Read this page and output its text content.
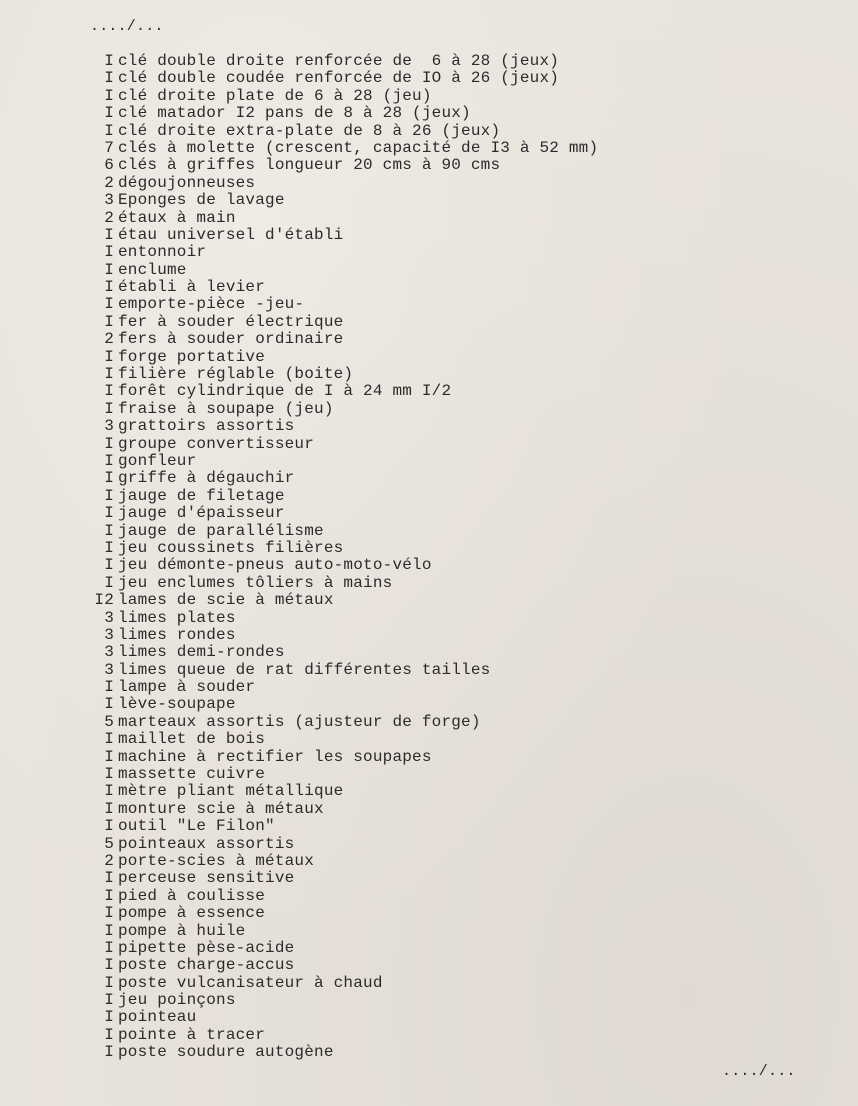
..../...
I clé double droite renforcée de  6 à 28 (jeux)
I clé double coudée renforcée de IO à 26 (jeux)
I clé droite plate de 6 à 28 (jeu)
I clé matador I2 pans de 8 à 28 (jeux)
I clé droite extra-plate de 8 à 26 (jeux)
7 clés à molette (crescent, capacité de I3 à 52 mm)
6 clés à griffes longueur 20 cms à 90 cms
2 dégoujonneuses
3 Eponges de lavage
2 étaux à main
I étau universel d'établi
I entonnoir
I enclume
I établi à levier
I emporte-pièce -jeu-
I fer à souder électrique
2 fers à souder ordinaire
I forge portative
I filière réglable (boite)
I forêt cylindrique de I à 24 mm I/2
I fraise à soupape (jeu)
3 grattoirs assortis
I groupe convertisseur
I gonfleur
I griffe à dégauchir
I jauge de filetage
I jauge d'épaisseur
I jauge de parallélisme
I jeu coussinets filières
I jeu démonte-pneus auto-moto-vélo
I jeu enclumes tôliers à mains
I2 lames de scie à métaux
3 limes plates
3 limes rondes
3 limes demi-rondes
3 limes queue de rat différentes tailles
I lampe à souder
I lève-soupape
5 marteaux assortis (ajusteur de forge)
I maillet de bois
I machine à rectifier les soupapes
I massette cuivre
I mètre pliant métallique
I monture scie à métaux
I outil "Le Filon"
5 pointeaux assortis
2 porte-scies à métaux
I perceuse sensitive
I pied à coulisse
I pompe à essence
I pompe à huile
I pipette pèse-acide
I poste charge-accus
I poste vulcanisateur à chaud
I jeu poinçons
I pointeau
I pointe à tracer
I poste soudure autogène
..../...
